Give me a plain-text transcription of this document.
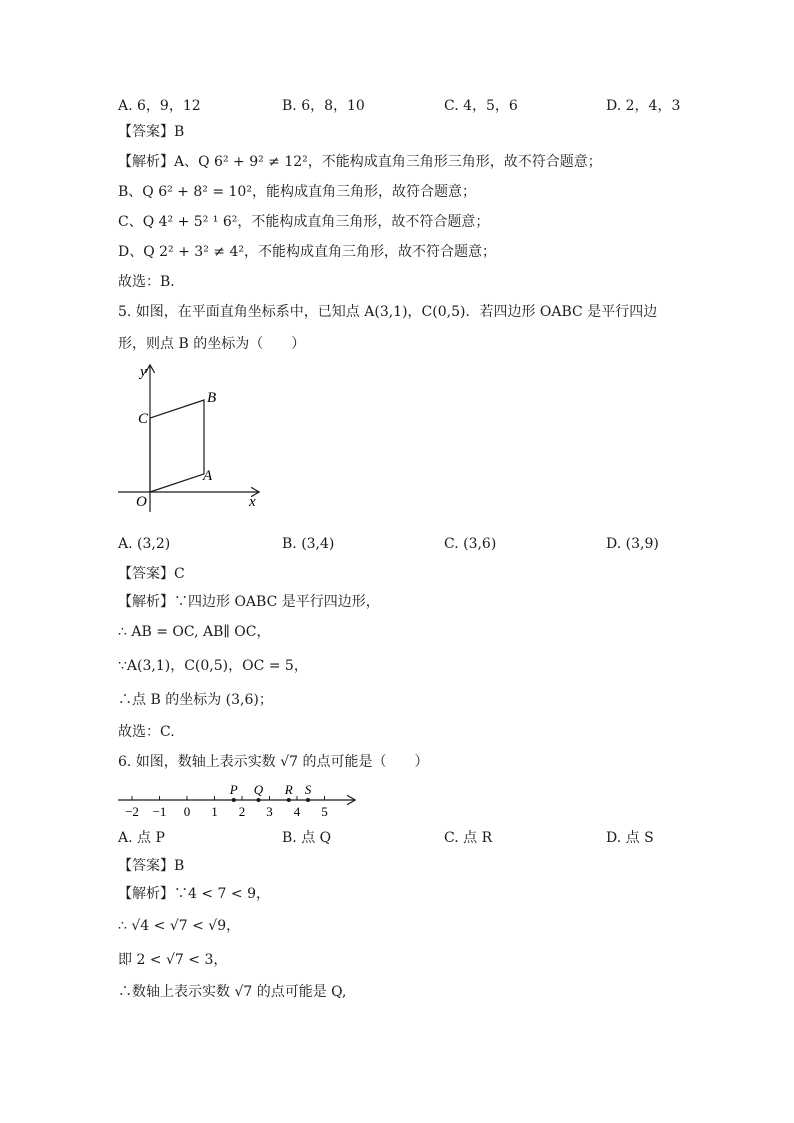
A. 6，9，12	B. 6，8，10	C. 4，5，6	D. 2，4，3
【答案】B
【解析】A、Q 6² + 9² ≠ 12²，不能构成直角三角形三角形，故不符合题意；
B、Q 6² + 8² = 10²，能构成直角三角形，故符合题意；
C、Q 4² + 5² ¹ 6²，不能构成直角三角形，故不符合题意；
D、Q 2² + 3² ≠ 4²，不能构成直角三角形，故不符合题意；
故选：B．
5. 如图，在平面直角坐标系中，已知点 A(3,1)，C(0,5)．若四边形 OABC 是平行四边
形，则点 B 的坐标为（　　）
y
x
O
A
B
C
A. (3,2)	B. (3,4)	C. (3,6)	D. (3,9)
【答案】C
【解析】∵四边形 OABC 是平行四边形，
∴ AB = OC, AB∥ OC，
∵A(3,1)，C(0,5)，OC = 5，
∴点 B 的坐标为 (3,6)；
故选：C.
6. 如图，数轴上表示实数 √7 的点可能是（　　）
−2 −1 0 1 2 3 4 5
P Q R S
A. 点 P	B. 点 Q	C. 点 R	D. 点 S
【答案】B
【解析】∵4 < 7 < 9，
∴ √4 < √7 < √9，
即 2 < √7 < 3，
∴数轴上表示实数 √7 的点可能是 Q,
